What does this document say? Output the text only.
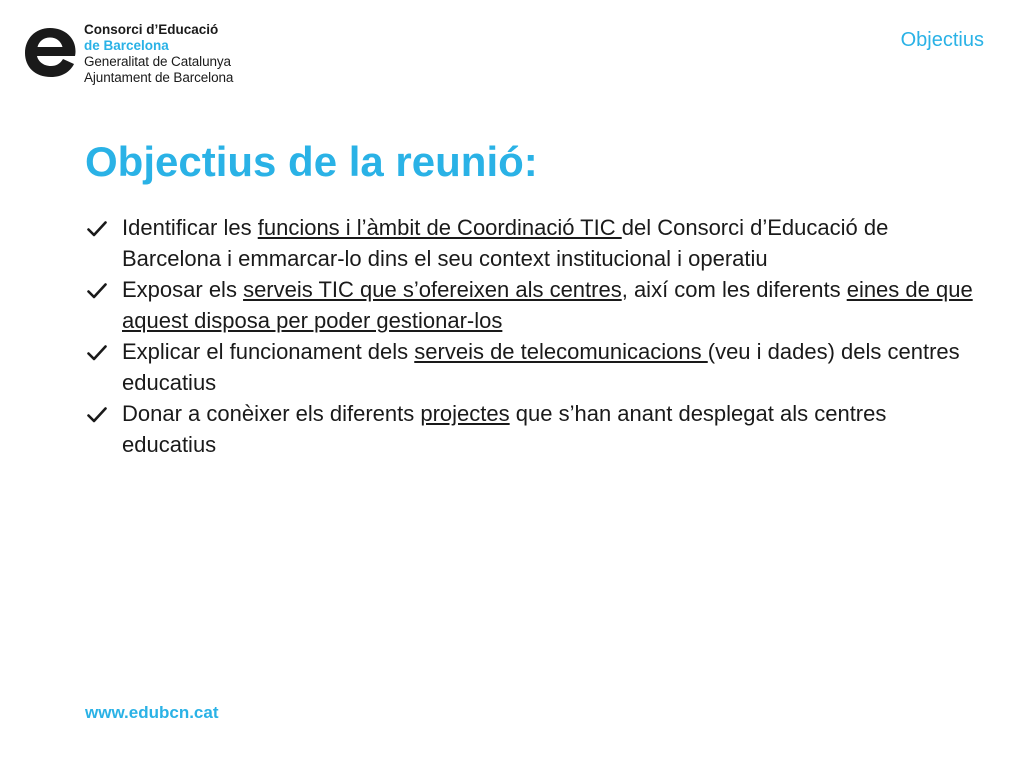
Consorci d’Educació
de Barcelona
Generalitat de Catalunya
Ajuntament de Barcelona
Objectius
Objectius de la reunió:
Identificar les funcions i l’àmbit de Coordinació TIC del Consorci d’Educació de Barcelona i emmarcar-lo dins el seu context institucional i operatiu
Exposar els serveis TIC que s’ofereixen als centres, així com les diferents eines de que aquest disposa per poder gestionar-los
Explicar el funcionament dels serveis de telecomunicacions (veu i dades) dels centres educatius
Donar a conèixer els diferents projectes que s’han anant desplegat als centres educatius
www.edubcn.cat
